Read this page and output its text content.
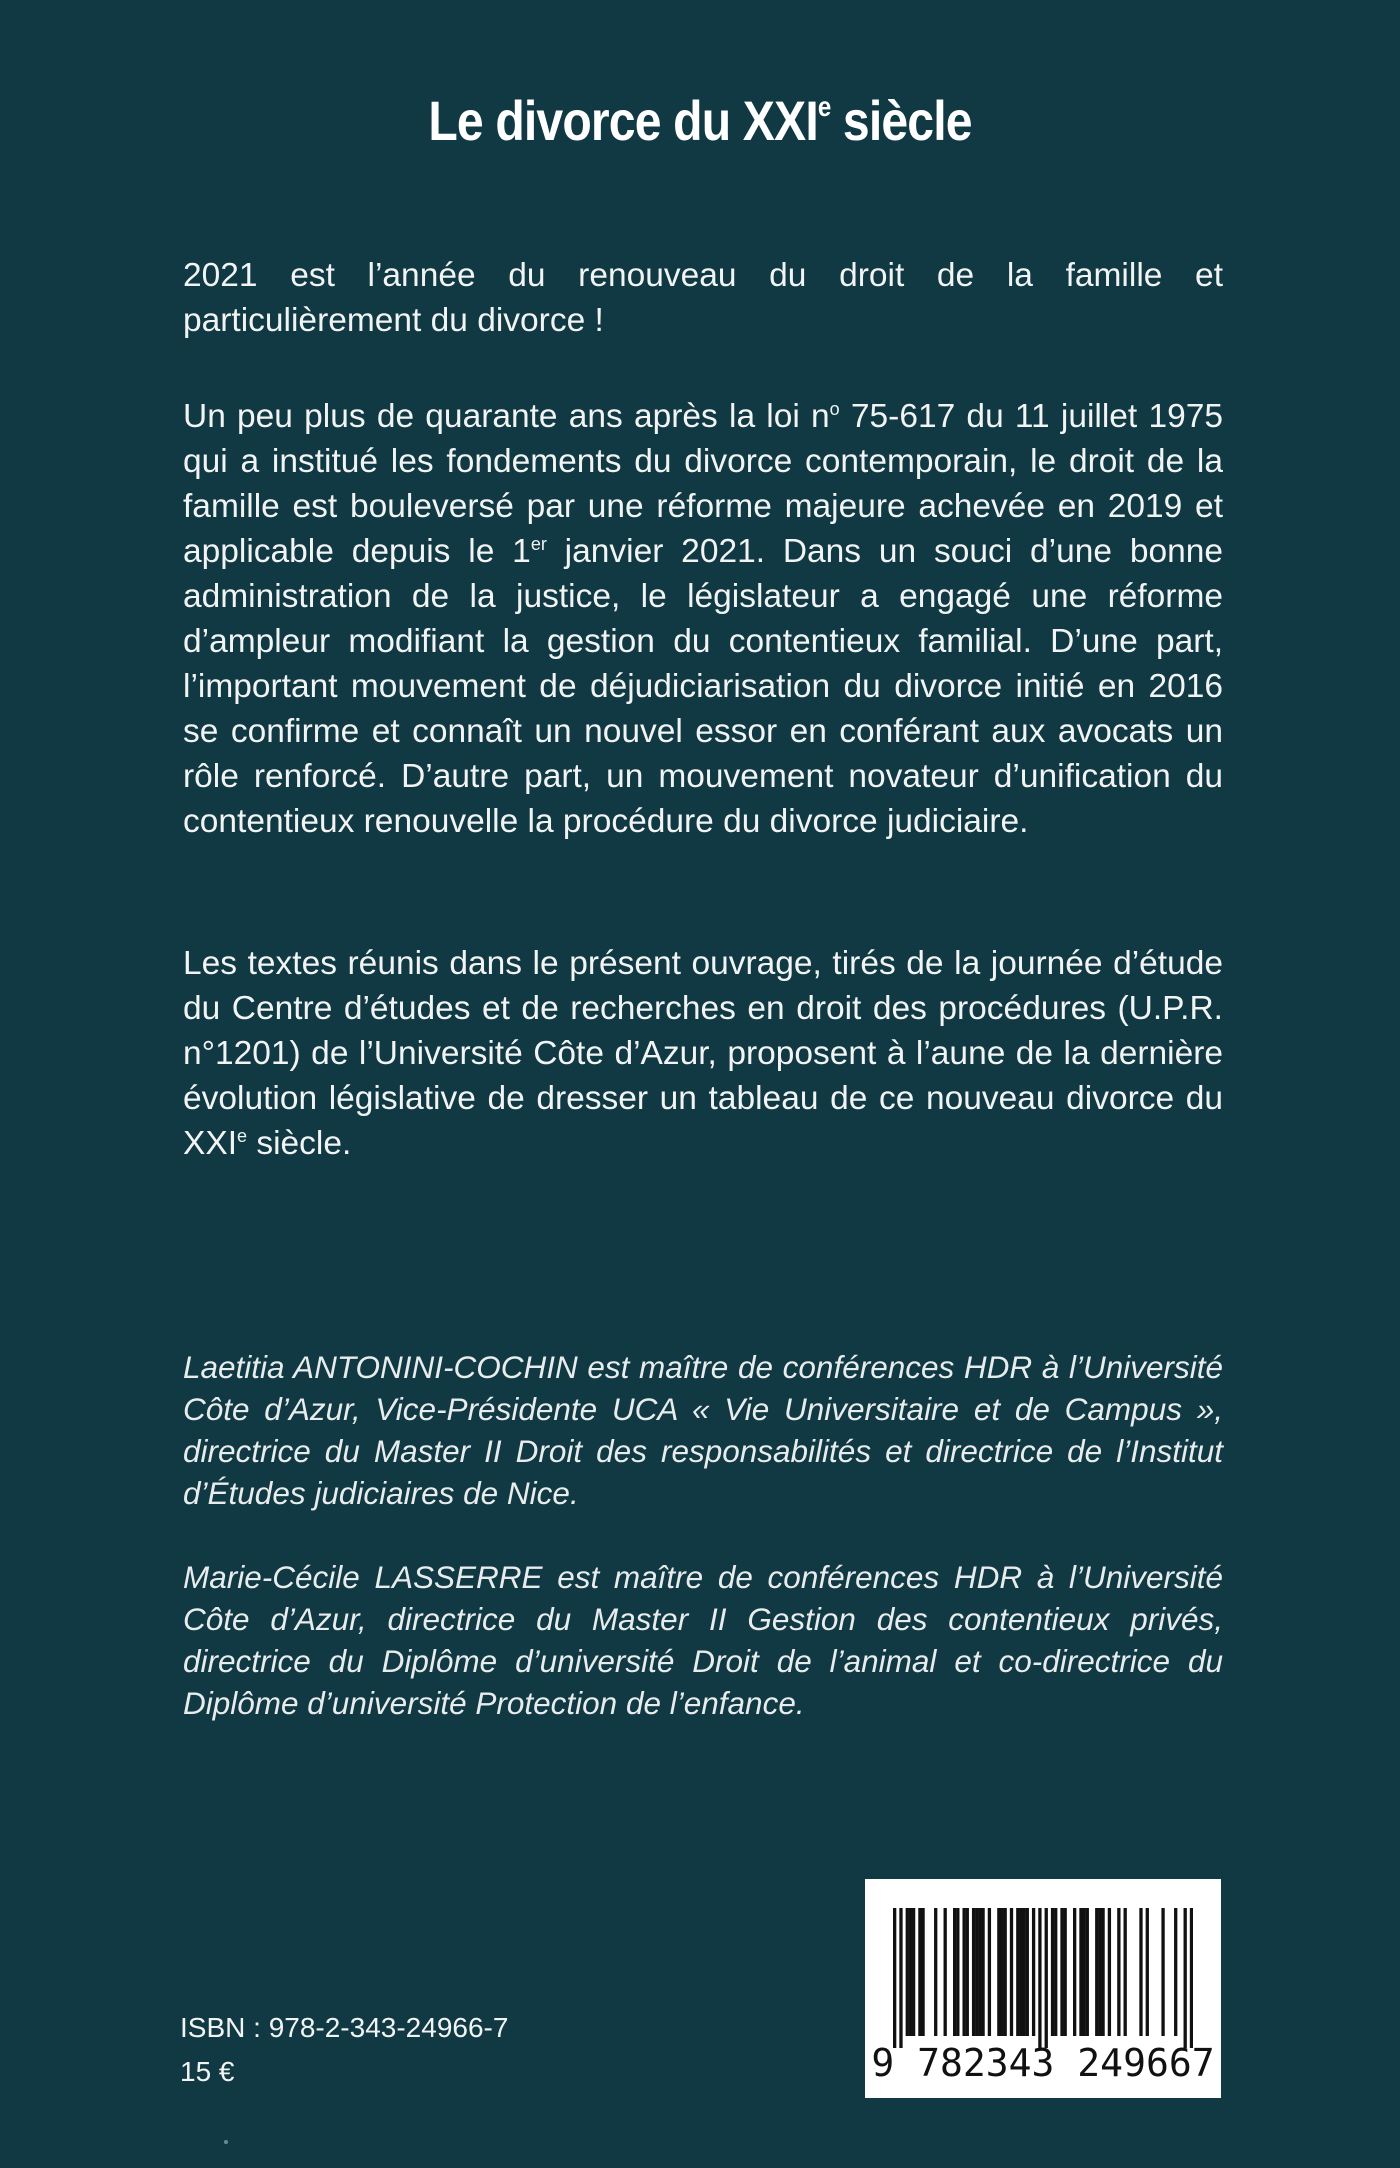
Le divorce du XXIe siècle

2021 est l’année du renouveau du droit de la famille et particulièrement du divorce !

Un peu plus de quarante ans après la loi $n^o$ 75-617 du 11 juillet 1975 qui a institué les fondements du divorce contemporain, le droit de la famille est bouleversé par une réforme majeure achevée en 2019 et applicable depuis le 1er janvier 2021. Dans un souci d’une bonne administration de la justice, le législateur a engagé une réforme d’ampleur modifiant la gestion du contentieux familial. D’une part, l’important mouvement de déjudiciarisation du divorce initié en 2016 se confirme et connaît un nouvel essor en conférant aux avocats un rôle renforcé. D’autre part, un mouvement novateur d’unification du contentieux renouvelle la procédure du divorce judiciaire.

Les textes réunis dans le présent ouvrage, tirés de la journée d’étude du Centre d’études et de recherches en droit des procédures (U.P.R. n°1201) de l’Université Côte d’Azur, proposent à l’aune de la dernière évolution législative de dresser un tableau de ce nouveau divorce du XXIe siècle.

Laetitia ANTONINI-COCHIN est maître de conférences HDR à l’Université Côte d’Azur, Vice-Présidente UCA « Vie Universitaire et de Campus », directrice du Master II Droit des responsabilités et directrice de l’Institut d’Études judiciaires de Nice.

Marie-Cécile LASSERRE est maître de conférences HDR à l’Université Côte d’Azur, directrice du Master II Gestion des contentieux privés, directrice du Diplôme d’université Droit de l’animal et co-directrice du Diplôme d’université Protection de l’enfance.

ISBN : 978-2-343-24966-7
15 €	9 782343 249667
